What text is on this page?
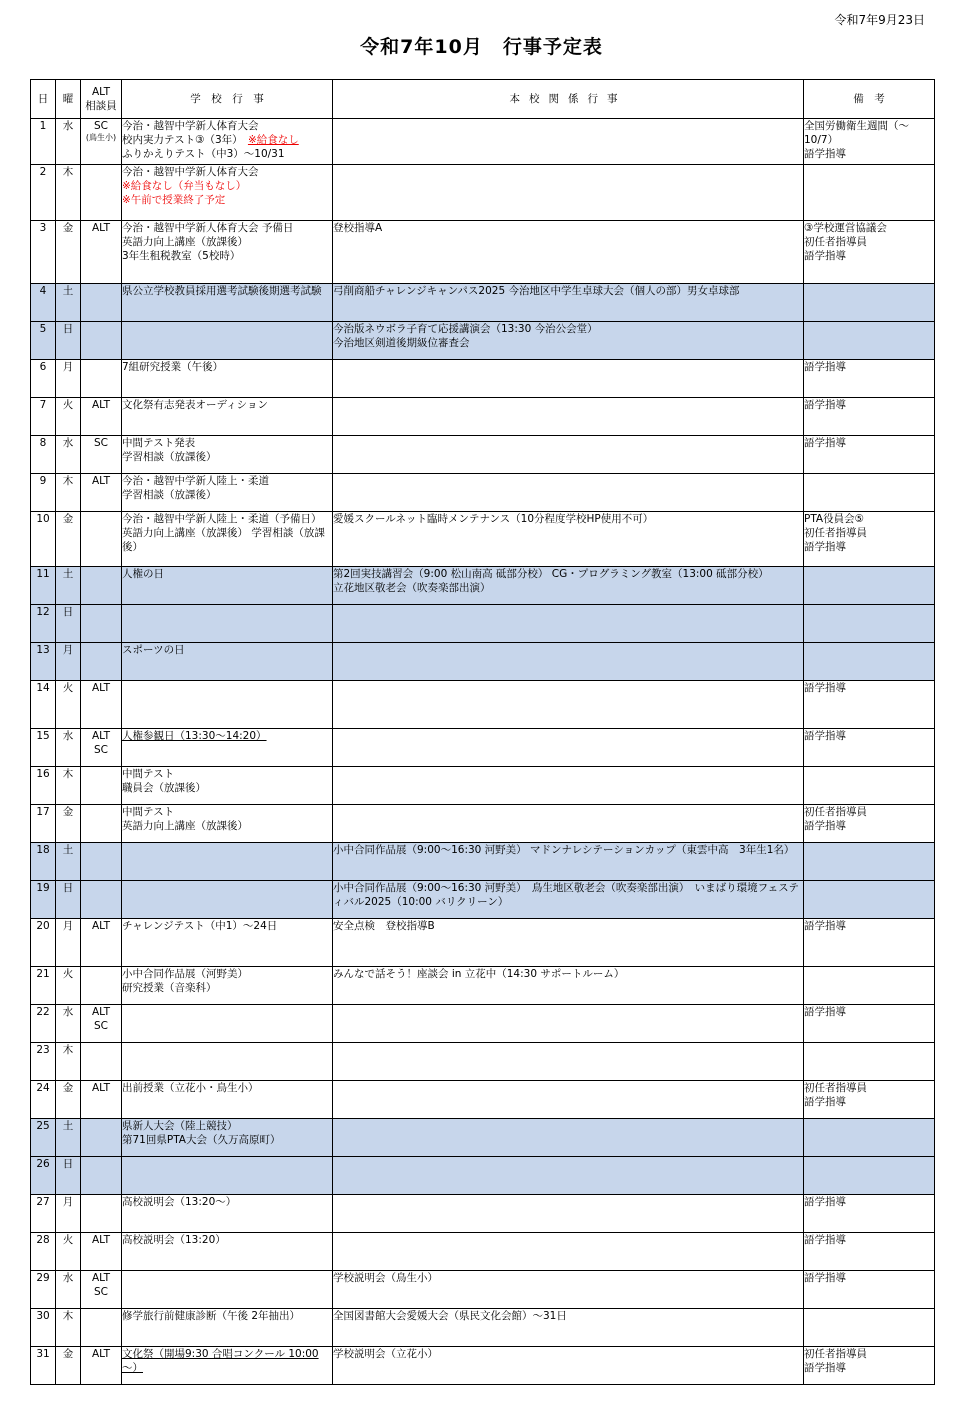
令和7年9月23日
令和7年10月　行事予定表
日	曜	ALT
相談員	学　校　行　事	本校関係行事	備　考
1	水	SC
(鳥生小)	今治・越智中学新人体育大会
校内実力テスト③（3年）　※給食なし
ふりかえりテスト（中3）～10/31		全国労働衛生週間（～10/7）
語学指導

2	木		今治・越智中学新人体育大会
※給食なし（弁当もなし）
※午前で授業終了予定		

3	金	ALT	今治・越智中学新人体育大会 予備日
英語力向上講座（放課後）
3年生租税教室（5校時）	登校指導A	③学校運営協議会
初任者指導員
語学指導

4	土		県公立学校教員採用選考試験後期選考試験	弓削商船チャレンジキャンパス2025 今治地区中学生卓球大会（個人の部）男女卓球部	

5	日			今治版ネウボラ子育て応援講演会（13:30 今治公会堂）
今治地区剣道後期級位審査会	

6	月		7組研究授業（午後）		語学指導

7	火	ALT	文化祭有志発表オーディション		語学指導

8	水	SC	中間テスト発表
学習相談（放課後）		語学指導

9	木	ALT	今治・越智中学新人陸上・柔道
学習相談（放課後）		

10	金		今治・越智中学新人陸上・柔道（予備日） 英語力向上講座（放課後） 学習相談（放課後）	愛媛スクールネット臨時メンテナンス（10分程度学校HP使用不可）	PTA役員会⑤
初任者指導員
語学指導

11	土		人権の日	第2回実技講習会（9:00 松山南高 砥部分校） CG・プログラミング教室（13:00 砥部分校）
立花地区敬老会（吹奏楽部出演）	

12	日				
13	月		スポーツの日		

14	火	ALT			語学指導

15	水	ALT
SC	人権参観日（13:30～14:20）		語学指導

16	木		中間テスト
職員会（放課後）		

17	金		中間テスト
英語力向上講座（放課後）		初任者指導員
語学指導

18	土			小中合同作品展（9:00～16:30 河野美） マドンナレシテーションカップ（東雲中高　3年生1名）	

19	日			小中合同作品展（9:00～16:30 河野美）　鳥生地区敬老会（吹奏楽部出演）　いまばり環境フェスティバル2025（10:00 バリクリーン）	

20	月	ALT	チャレンジテスト（中1）～24日	安全点検　登校指導B	語学指導

21	火		小中合同作品展（河野美）
研究授業（音楽科）	みんなで話そう！座談会 in 立花中（14:30 サポートルーム）	

22	水	ALT
SC			語学指導

23	木				
24	金	ALT	出前授業（立花小・鳥生小）		初任者指導員
語学指導

25	土		県新人大会（陸上競技）
第71回県PTA大会（久万高原町）		

26	日				
27	月		高校説明会（13:20～）		語学指導

28	火	ALT	高校説明会（13:20）		語学指導

29	水	ALT
SC		学校説明会（鳥生小）	語学指導

30	木		修学旅行前健康診断（午後 2年抽出）	全国図書館大会愛媛大会（県民文化会館）～31日	

31	金	ALT	文化祭（開場9:30 合唱コンクール 10:00～）	学校説明会（立花小）	初任者指導員
語学指導
